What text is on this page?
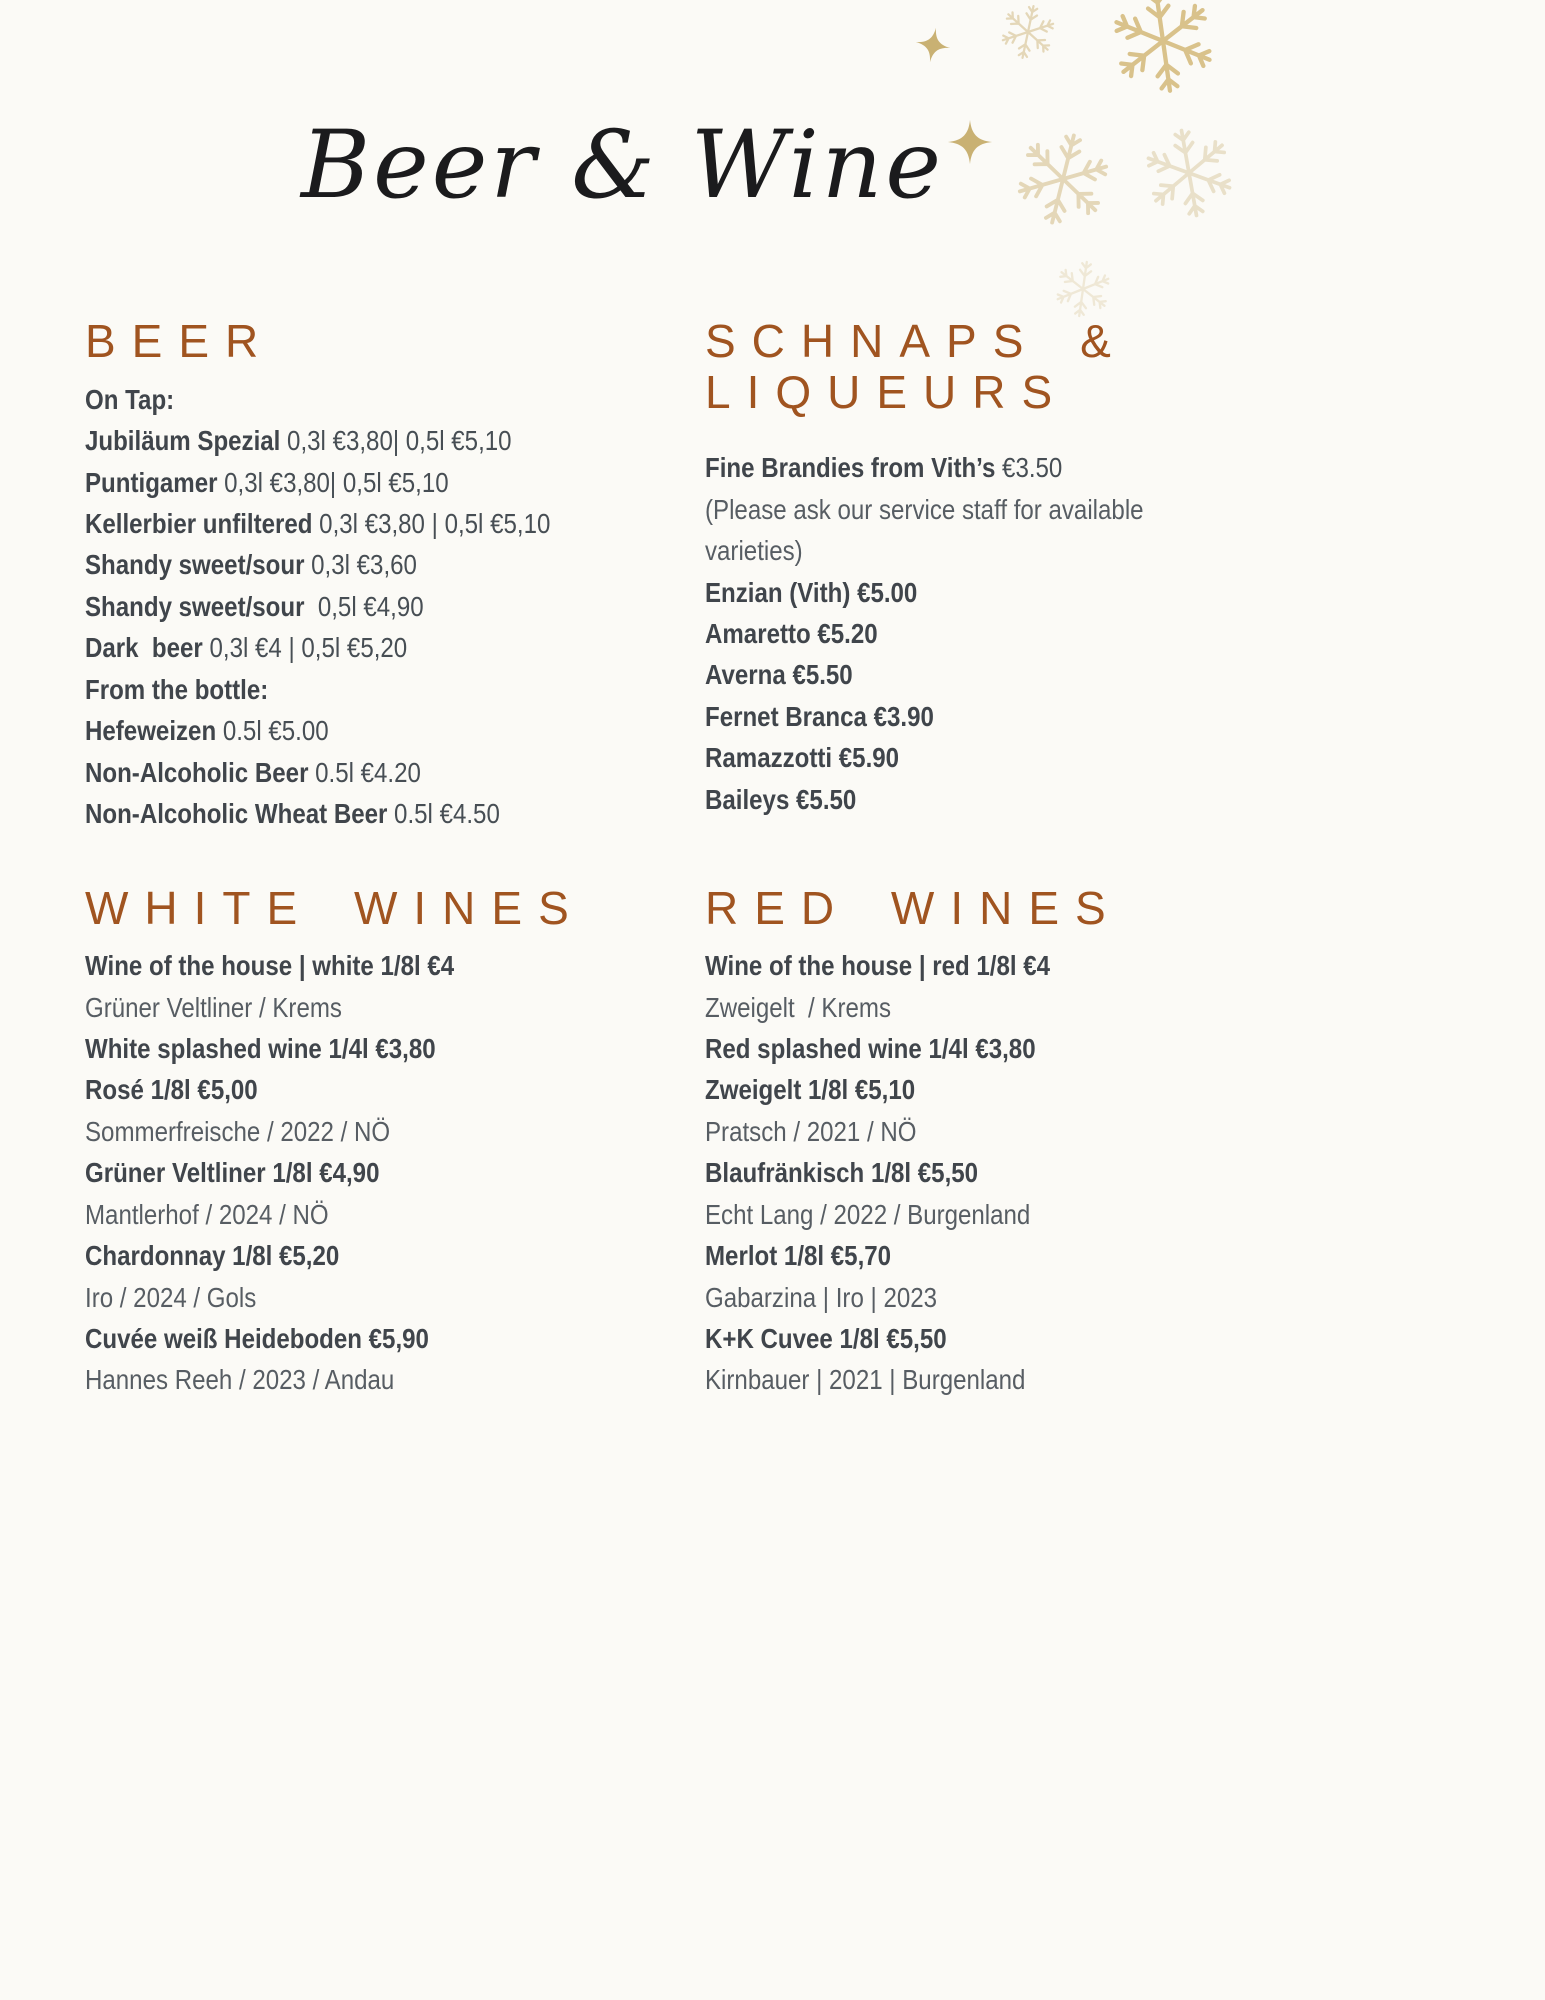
Beer & Wine
BEER
On Tap:
Jubiläum Spezial 0,3l €3,80| 0,5l €5,10
Puntigamer 0,3l €3,80| 0,5l €5,10
Kellerbier unfiltered 0,3l €3,80 | 0,5l €5,10
Shandy sweet/sour 0,3l €3,60
Shandy sweet/sour  0,5l €4,90
Dark  beer 0,3l €4 | 0,5l €5,20
From the bottle:
Hefeweizen 0.5l €5.00
Non-Alcoholic Beer 0.5l €4.20
Non-Alcoholic Wheat Beer 0.5l €4.50
SCHNAPS & LIQUEURS
Fine Brandies from Vith’s €3.50
(Please ask our service staff for available varieties)
Enzian (Vith) €5.00
Amaretto €5.20
Averna €5.50
Fernet Branca €3.90
Ramazzotti €5.90
Baileys €5.50
WHITE WINES
Wine of the house | white 1/8l €4
Grüner Veltliner / Krems
White splashed wine 1/4l €3,80
Rosé 1/8l €5,00
Sommerfreische / 2022 / NÖ
Grüner Veltliner 1/8l €4,90
Mantlerhof / 2024 / NÖ
Chardonnay 1/8l €5,20
Iro / 2024 / Gols
Cuvée weiß Heideboden €5,90
Hannes Reeh / 2023 / Andau
RED WINES
Wine of the house | red 1/8l €4
Zweigelt  / Krems
Red splashed wine 1/4l €3,80
Zweigelt 1/8l €5,10
Pratsch / 2021 / NÖ
Blaufränkisch 1/8l €5,50
Echt Lang / 2022 / Burgenland
Merlot 1/8l €5,70
Gabarzina | Iro | 2023
K+K Cuvee 1/8l €5,50
Kirnbauer | 2021 | Burgenland
